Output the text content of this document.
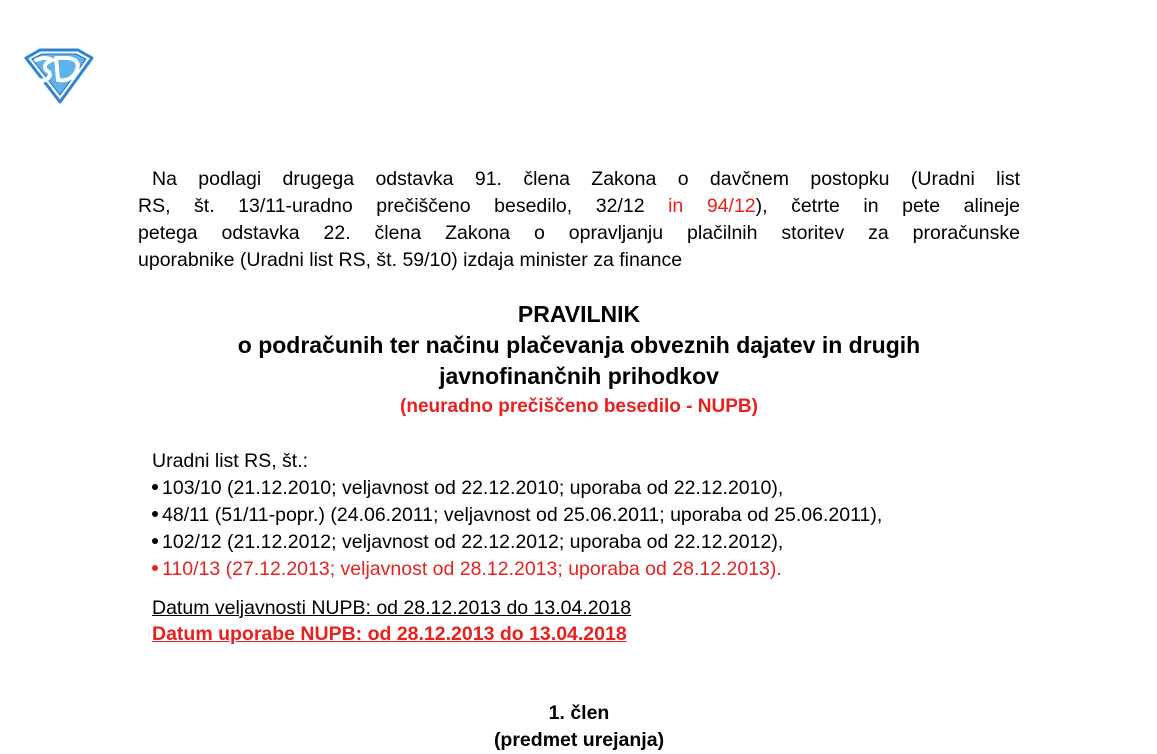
Na podlagi drugega odstavka 91. člena Zakona o davčnem postopku (Uradni list
RS, št. 13/11-uradno prečiščeno besedilo, 32/12 in 94/12), četrte in pete alineje
petega odstavka 22. člena Zakona o opravljanju plačilnih storitev za proračunske
uporabnike (Uradni list RS, št. 59/10) izdaja minister za finance
PRAVILNIK
o podračunih ter načinu plačevanja obveznih dajatev in drugih
javnofinančnih prihodkov
(neuradno prečiščeno besedilo - NUPB)
Uradni list RS, št.:
103/10 (21.12.2010; veljavnost od 22.12.2010; uporaba od 22.12.2010),
48/11 (51/11-popr.) (24.06.2011; veljavnost od 25.06.2011; uporaba od 25.06.2011),
102/12 (21.12.2012; veljavnost od 22.12.2012; uporaba od 22.12.2012),
110/13 (27.12.2013; veljavnost od 28.12.2013; uporaba od 28.12.2013).
Datum veljavnosti NUPB: od 28.12.2013 do 13.04.2018
Datum uporabe NUPB: od 28.12.2013 do 13.04.2018
1. člen
(predmet urejanja)
